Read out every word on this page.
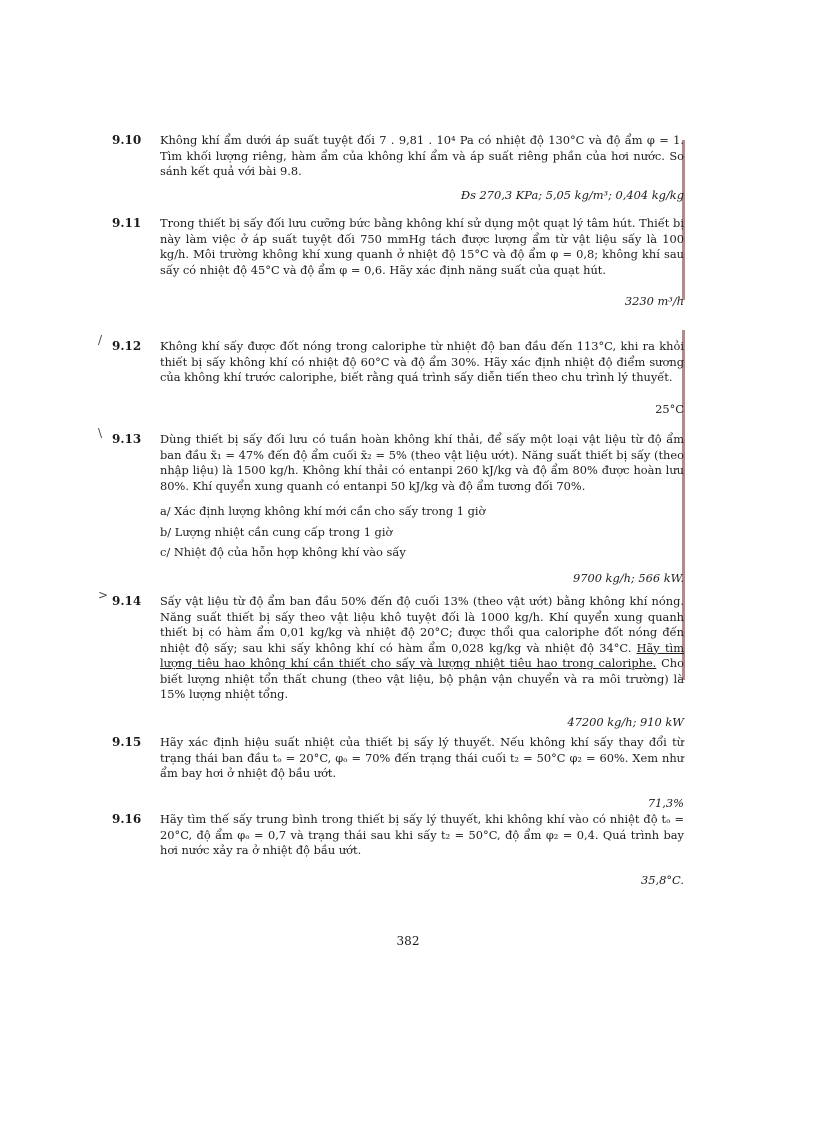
9.10	Không khí ẩm dưới áp suất tuyệt đối 7 . 9,81 . 10⁴ Pa có nhiệt độ 130°C và độ ẩm φ = 1. Tìm khối lượng riêng, hàm ẩm của không khí ẩm và áp suất riêng phần của hơi nước. So sánh kết quả với bài 9.8.

Đs 270,3 KPa; 5,05 kg/m³; 0,404 kg/kg
9.11	Trong thiết bị sấy đối lưu cưỡng bức bằng không khí sử dụng một quạt lý tâm hút. Thiết bị này làm việc ở áp suất tuyệt đối 750 mmHg tách được lượng ẩm từ vật liệu sấy là 100 kg/h. Môi trường không khí xung quanh ở nhiệt độ 15°C và độ ẩm φ = 0,8; không khí sau sấy có nhiệt độ 45°C và độ ẩm φ = 0,6. Hãy xác định năng suất của quạt hút.

3230 m³/h
/ 9.12	Không khí sấy được đốt nóng trong caloriphe từ nhiệt độ ban đầu đến 113°C, khi ra khỏi thiết bị sấy không khí có nhiệt độ 60°C và độ ẩm 30%. Hãy xác định nhiệt độ điểm sương của không khí trước caloriphe, biết rằng quá trình sấy diễn tiến theo chu trình lý thuyết.

25°C
\ 9.13	Dùng thiết bị sấy đối lưu có tuần hoàn không khí thải, để sấy một loại vật liệu từ độ ẩm ban đầu x̄₁ = 47% đến độ ẩm cuối x̄₂ = 5% (theo vật liệu ướt). Năng suất thiết bị sấy (theo nhập liệu) là 1500 kg/h. Không khí thải có entanpi 260 kJ/kg và độ ẩm 80% được hoàn lưu 80%. Khí quyển xung quanh có entanpi 50 kJ/kg và độ ẩm tương đối 70%.

a/ Xác định lượng không khí mới cần cho sấy trong 1 giờ

b/ Lượng nhiệt cần cung cấp trong 1 giờ

c/ Nhiệt độ của hỗn hợp không khí vào sấy

9700 kg/h; 566 kW.
> 9.14	Sấy vật liệu từ độ ẩm ban đầu 50% đến độ cuối 13% (theo vật ướt) bằng không khí nóng. Năng suất thiết bị sấy theo vật liệu khô tuyệt đối là 1000 kg/h. Khí quyển xung quanh thiết bị có hàm ẩm 0,01 kg/kg và nhiệt độ 20°C; được thổi qua caloriphe đốt nóng đến nhiệt độ sấy; sau khi sấy không khí có hàm ẩm 0,028 kg/kg và nhiệt độ 34°C. Hãy tìm lượng tiêu hao không khí cần thiết cho sấy và lượng nhiệt tiêu hao trong caloriphe. Cho biết lượng nhiệt tổn thất chung (theo vật liệu, bộ phận vận chuyển và ra môi trường) là 15% lượng nhiệt tổng.

47200 kg/h; 910 kW
9.15	Hãy xác định hiệu suất nhiệt của thiết bị sấy lý thuyết. Nếu không khí sấy thay đổi từ trạng thái ban đầu tₒ = 20°C, φₒ = 70% đến trạng thái cuối t₂ = 50°C φ₂ = 60%. Xem như ẩm bay hơi ở nhiệt độ bầu ướt.

71,3%
9.16	Hãy tìm thế sấy trung bình trong thiết bị sấy lý thuyết, khi không khí vào có nhiệt độ tₒ = 20°C, độ ẩm φₒ = 0,7 và trạng thái sau khi sấy t₂ = 50°C, độ ẩm φ₂ = 0,4. Quá trình bay hơi nước xảy ra ở nhiệt độ bầu ướt.

35,8°C.
382
